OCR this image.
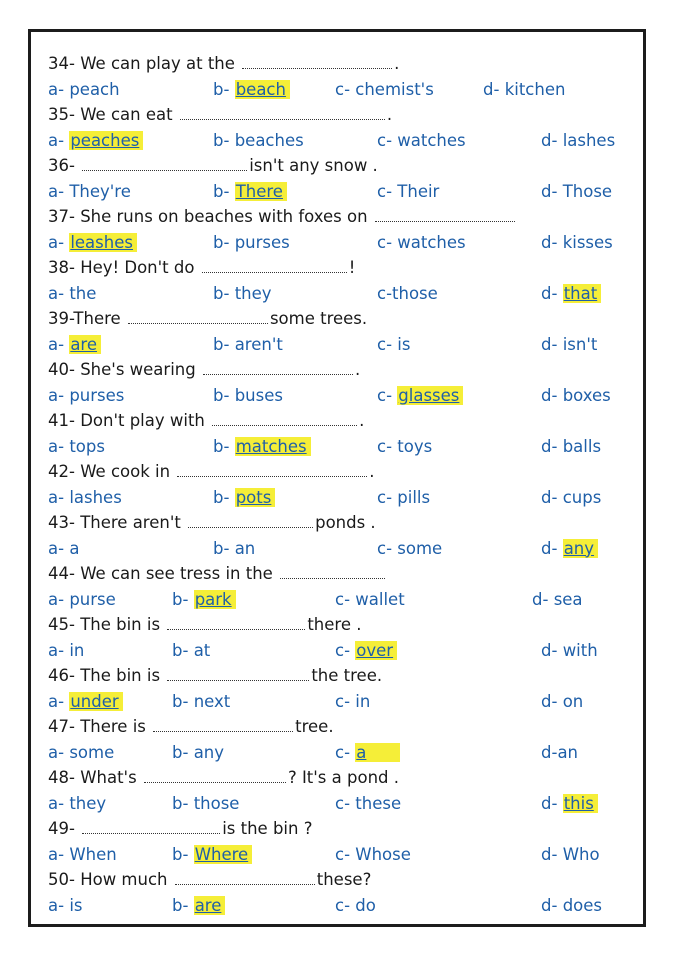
34- We can play at the	.
a- peach	b- beach	c- chemist's	d- kitchen
35- We can eat	.
a- peaches	b- beaches	c- watches	d- lashes
36-	isn't any snow .
a- They're	b- There	c- Their	d- Those
37- She runs on beaches with foxes on
a- leashes	b- purses	c- watches	d- kisses
38- Hey! Don't do	!
a- the	b- they	c-those	d- that
39-There	some trees.
a- are	b- aren't	c- is	d- isn't
40- She's wearing	.
a- purses	b- buses	c- glasses	d- boxes
41- Don't play with	.
a- tops	b- matches	c- toys	d- balls
42- We cook in	.
a- lashes	b- pots	c- pills	d- cups
43- There aren't	ponds .
a- a	b- an	c- some	d- any
44- We can see tress in the
a- purse	b- park	c- wallet	d- sea
45- The bin is	there .
a- in	b- at	c- over	d- with
46- The bin is	the tree.
a- under	b- next	c- in	d- on
47- There is	tree.
a- some	b- any	c- a	d-an
48- What's	? It's a pond .
a- they	b- those	c- these	d- this
49-	is the bin ?
a- When	b- Where	c- Whose	d- Who
50- How much	these?
a- is	b- are	c- do	d- does
